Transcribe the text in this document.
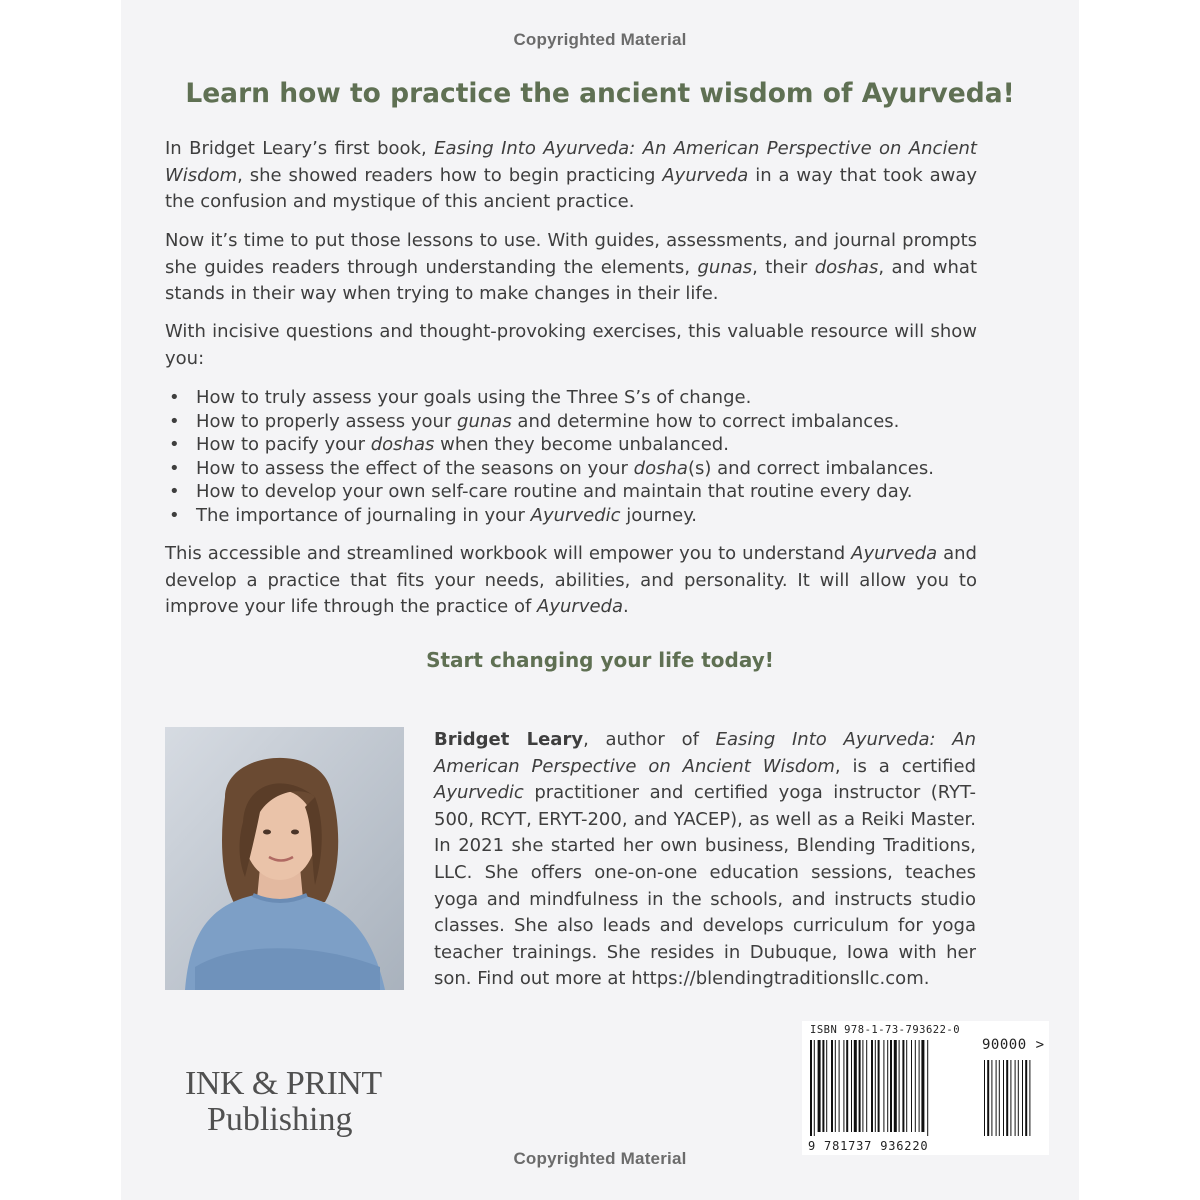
Copyrighted Material
Learn how to practice the ancient wisdom of Ayurveda!

In Bridget Leary’s first book, Easing Into Ayurveda: An American Perspective on Ancient Wisdom, she showed readers how to begin practicing Ayurveda in a way that took away the confusion and mystique of this ancient practice.

Now it’s time to put those lessons to use. With guides, assessments, and journal prompts she guides readers through understanding the elements, gunas, their doshas, and what stands in their way when trying to make changes in their life.

With incisive questions and thought-provoking exercises, this valuable resource will show you:

• How to truly assess your goals using the Three S’s of change.
• How to properly assess your gunas and determine how to correct imbalances.
• How to pacify your doshas when they become unbalanced.
• How to assess the effect of the seasons on your dosha(s) and correct imbalances.
• How to develop your own self-care routine and maintain that routine every day.
• The importance of journaling in your Ayurvedic journey.

This accessible and streamlined workbook will empower you to understand Ayurveda and develop a practice that fits your needs, abilities, and personality. It will allow you to improve your life through the practice of Ayurveda.

Start changing your life today!

Bridget Leary, author of Easing Into Ayurveda: An American Perspective on Ancient Wisdom, is a certified Ayurvedic practitioner and certified yoga instructor (RYT-500, RCYT, ERYT-200, and YACEP), as well as a Reiki Master. In 2021 she started her own business, Blending Traditions, LLC. She offers one-on-one education sessions, teaches yoga and mindfulness in the schools, and instructs studio classes. She also leads and develops curriculum for yoga teacher trainings. She resides in Dubuque, Iowa with her son. Find out more at https://blendingtraditionsllc.com.

INK & PRINT
Publishing
ISBN 978-1-73-793622-0
9 781737 936220
90000 >
Copyrighted Material
